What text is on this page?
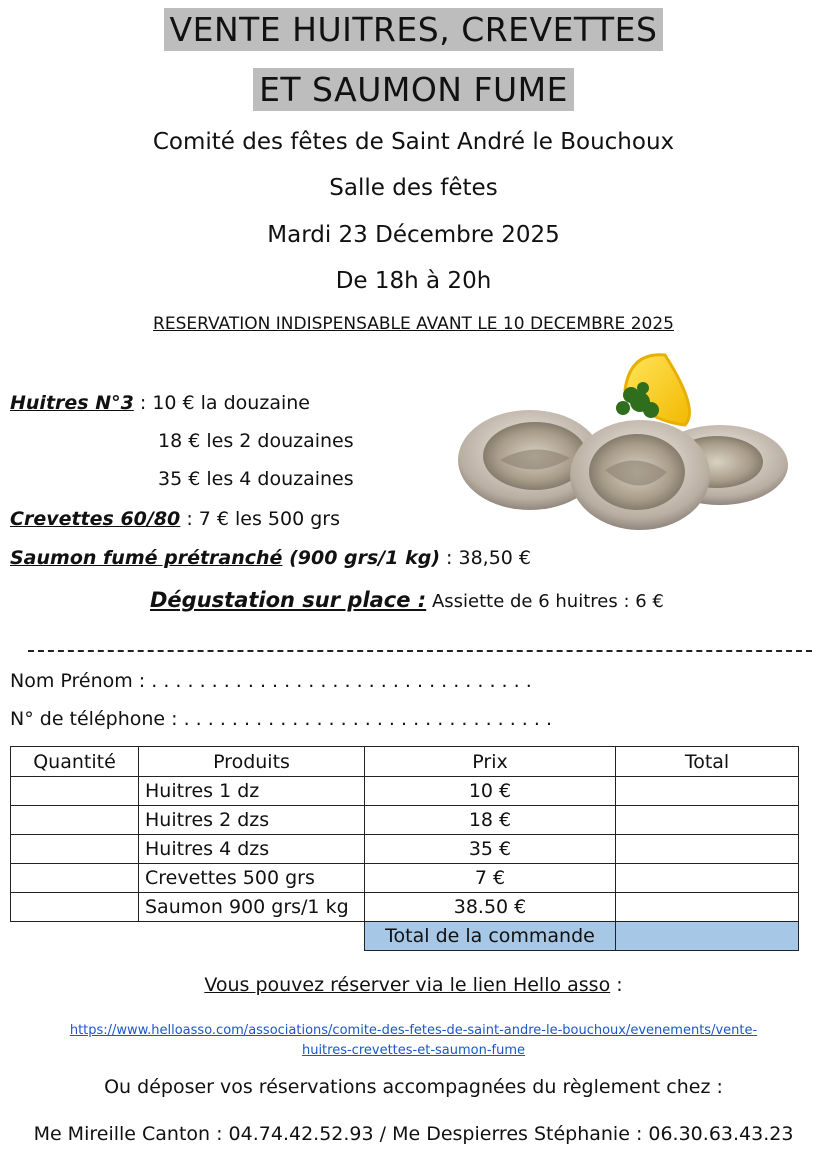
VENTE HUITRES, CREVETTES
ET SAUMON FUME
Comité des fêtes de Saint André le Bouchoux
Salle des fêtes
Mardi 23 Décembre 2025
De 18h à 20h
RESERVATION INDISPENSABLE AVANT LE 10 DECEMBRE 2025
Huitres N°3 : 10 € la douzaine
18 € les 2 douzaines
35 € les 4 douzaines
Crevettes 60/80 : 7 € les 500 grs
Saumon fumé prétranché (900 grs/1 kg) : 38,50 €
Dégustation sur place : Assiette de 6 huitres : 6 €
Nom Prénom : . . . . . . . . . . . . . . . . . . . . . . . . . . . . . . . .
N° de téléphone : . . . . . . . . . . . . . . . . . . . . . . . . . . . . . . .
Quantité	Produits	Prix	Total
	Huitres 1 dz	10 €	
	Huitres 2 dzs	18 €	
	Huitres 4 dzs	35 €	
	Crevettes 500 grs	7 €	
	Saumon 900 grs/1 kg	38.50 €	
		Total de la commande	
Vous pouvez réserver via le lien Hello asso :
https://www.helloasso.com/associations/comite-des-fetes-de-saint-andre-le-bouchoux/evenements/vente-
huitres-crevettes-et-saumon-fume
Ou déposer vos réservations accompagnées du règlement chez :
Me Mireille Canton : 04.74.42.52.93 / Me Despierres Stéphanie : 06.30.63.43.23
